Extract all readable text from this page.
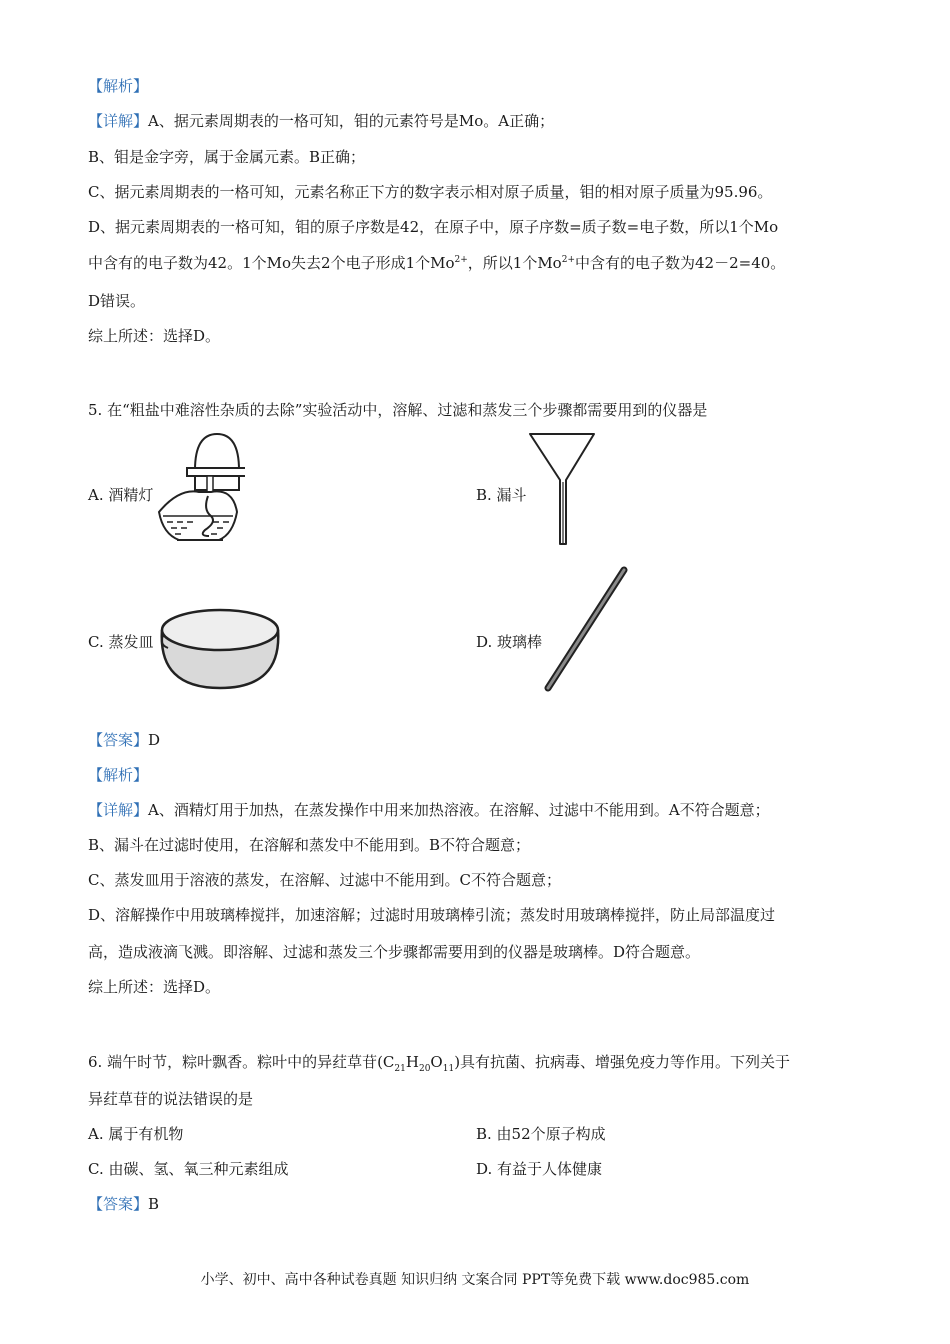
【解析】
【详解】A、据元素周期表的一格可知，钼的元素符号是Mo。A正确；
B、钼是金字旁，属于金属元素。B正确；
C、据元素周期表的一格可知，元素名称正下方的数字表示相对原子质量，钼的相对原子质量为95.96。
D、据元素周期表的一格可知，钼的原子序数是42，在原子中，原子序数=质子数=电子数，所以1个Mo
中含有的电子数为42。1个Mo失去2个电子形成1个$Mo^{2+}$，所以1个$Mo^{2+}$中含有的电子数为42－2=40。
D错误。
综上所述：选择D。
5. 在“粗盐中难溶性杂质的去除”实验活动中，溶解、过滤和蒸发三个步骤都需要用到的仪器是
A. 酒精灯	B. 漏斗
C. 蒸发皿	D. 玻璃棒
【答案】D
【解析】
【详解】A、酒精灯用于加热，在蒸发操作中用来加热溶液。在溶解、过滤中不能用到。A不符合题意；
B、漏斗在过滤时使用，在溶解和蒸发中不能用到。B不符合题意；
C、蒸发皿用于溶液的蒸发，在溶解、过滤中不能用到。C不符合题意；
D、溶解操作中用玻璃棒搅拌，加速溶解；过滤时用玻璃棒引流；蒸发时用玻璃棒搅拌，防止局部温度过
高，造成液滴飞溅。即溶解、过滤和蒸发三个步骤都需要用到的仪器是玻璃棒。D符合题意。
综上所述：选择D。
6. 端午时节，粽叶飘香。粽叶中的异荭草苷$(C_{21}H_{20}O_{11})$具有抗菌、抗病毒、增强免疫力等作用。下列关于
异荭草苷的说法错误的是
A. 属于有机物	B. 由52个原子构成
C. 由碳、氢、氧三种元素组成	D. 有益于人体健康
【答案】B
小学、初中、高中各种试卷真题 知识归纳 文案合同 PPT等免费下载 www.doc985.com
